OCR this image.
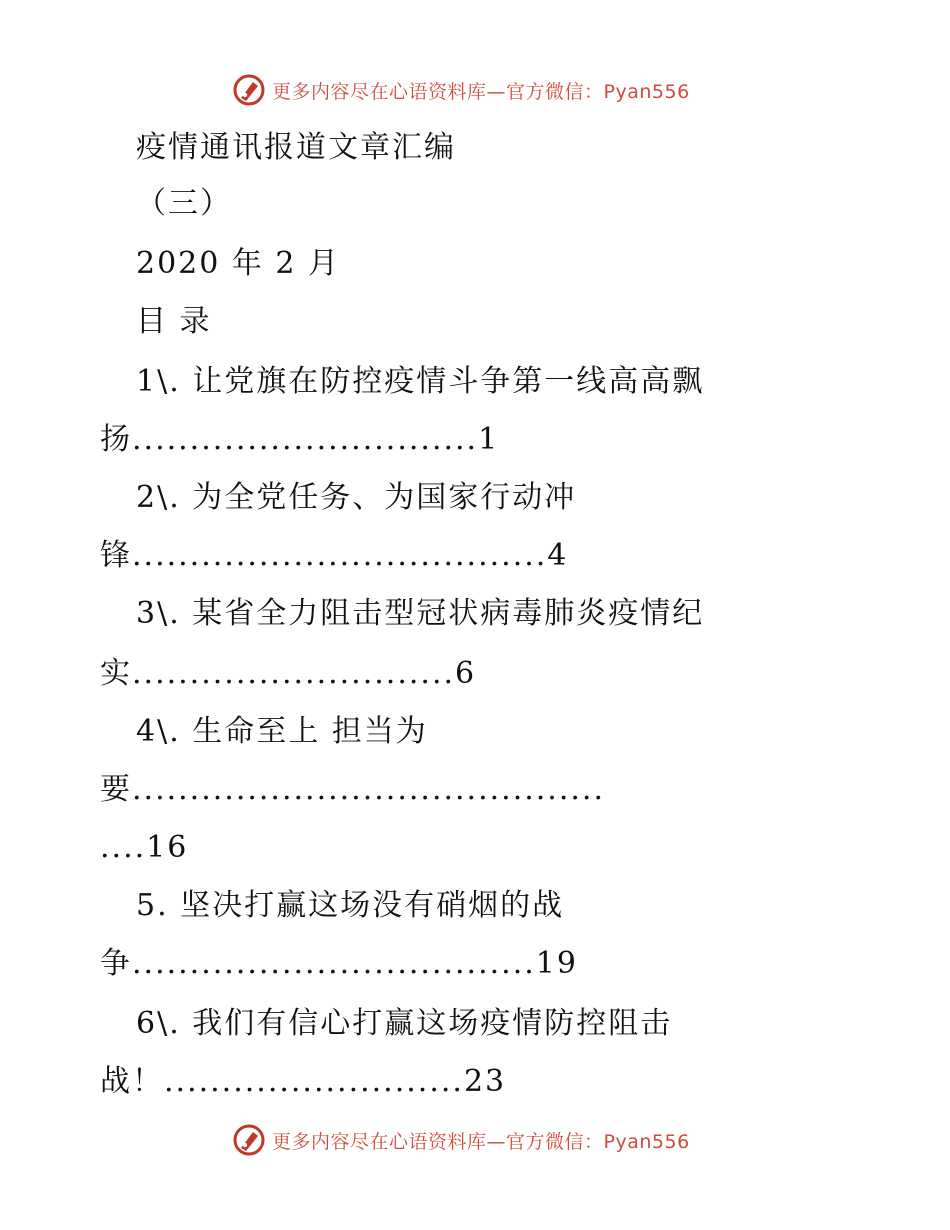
更多内容尽在心语资料库—官方微信：Pyan556
疫情通讯报道文章汇编
（三）
2020 年 2 月
目 录
1\. 让党旗在防控疫情斗争第一线高高飘
扬..............................1
2\. 为全党任务、为国家行动冲
锋....................................4
3\. 某省全力阻击型冠状病毒肺炎疫情纪
实............................6
4\. 生命至上 担当为
要.........................................
....16
5. 坚决打赢这场没有硝烟的战
争...................................19
6\. 我们有信心打赢这场疫情防控阻击
战！..........................23
更多内容尽在心语资料库—官方微信：Pyan556
